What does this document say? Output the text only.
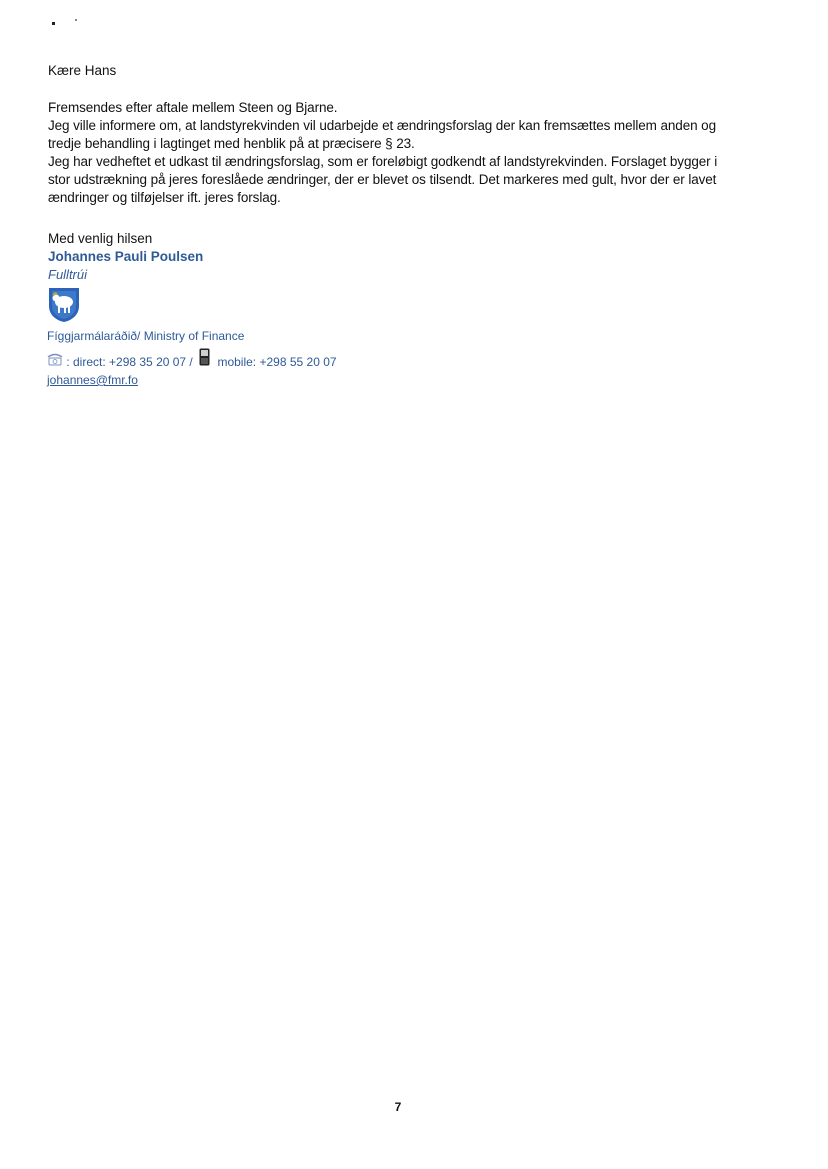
Kære Hans
Fremsendes efter aftale mellem Steen og Bjarne.
Jeg ville informere om, at landstyrekvinden vil udarbejde et ændringsforslag der kan fremsættes mellem anden og
tredje behandling i lagtinget med henblik på at præcisere § 23.
Jeg har vedheftet et udkast til ændringsforslag, som er foreløbigt godkendt af landstyrekvinden. Forslaget bygger i
stor udstrækning på jeres foreslåede ændringer, der er blevet os tilsendt. Det markeres med gult, hvor der er lavet
ændringer og tilføjelser ift. jeres forslag.
Med venlig hilsen
Johannes Pauli Poulsen
Fulltrúi
Fíggjarmálaráðið/ Ministry of Finance
: direct: +298 35 20 07 / mobile: +298 55 20 07
johannes@fmr.fo
7
